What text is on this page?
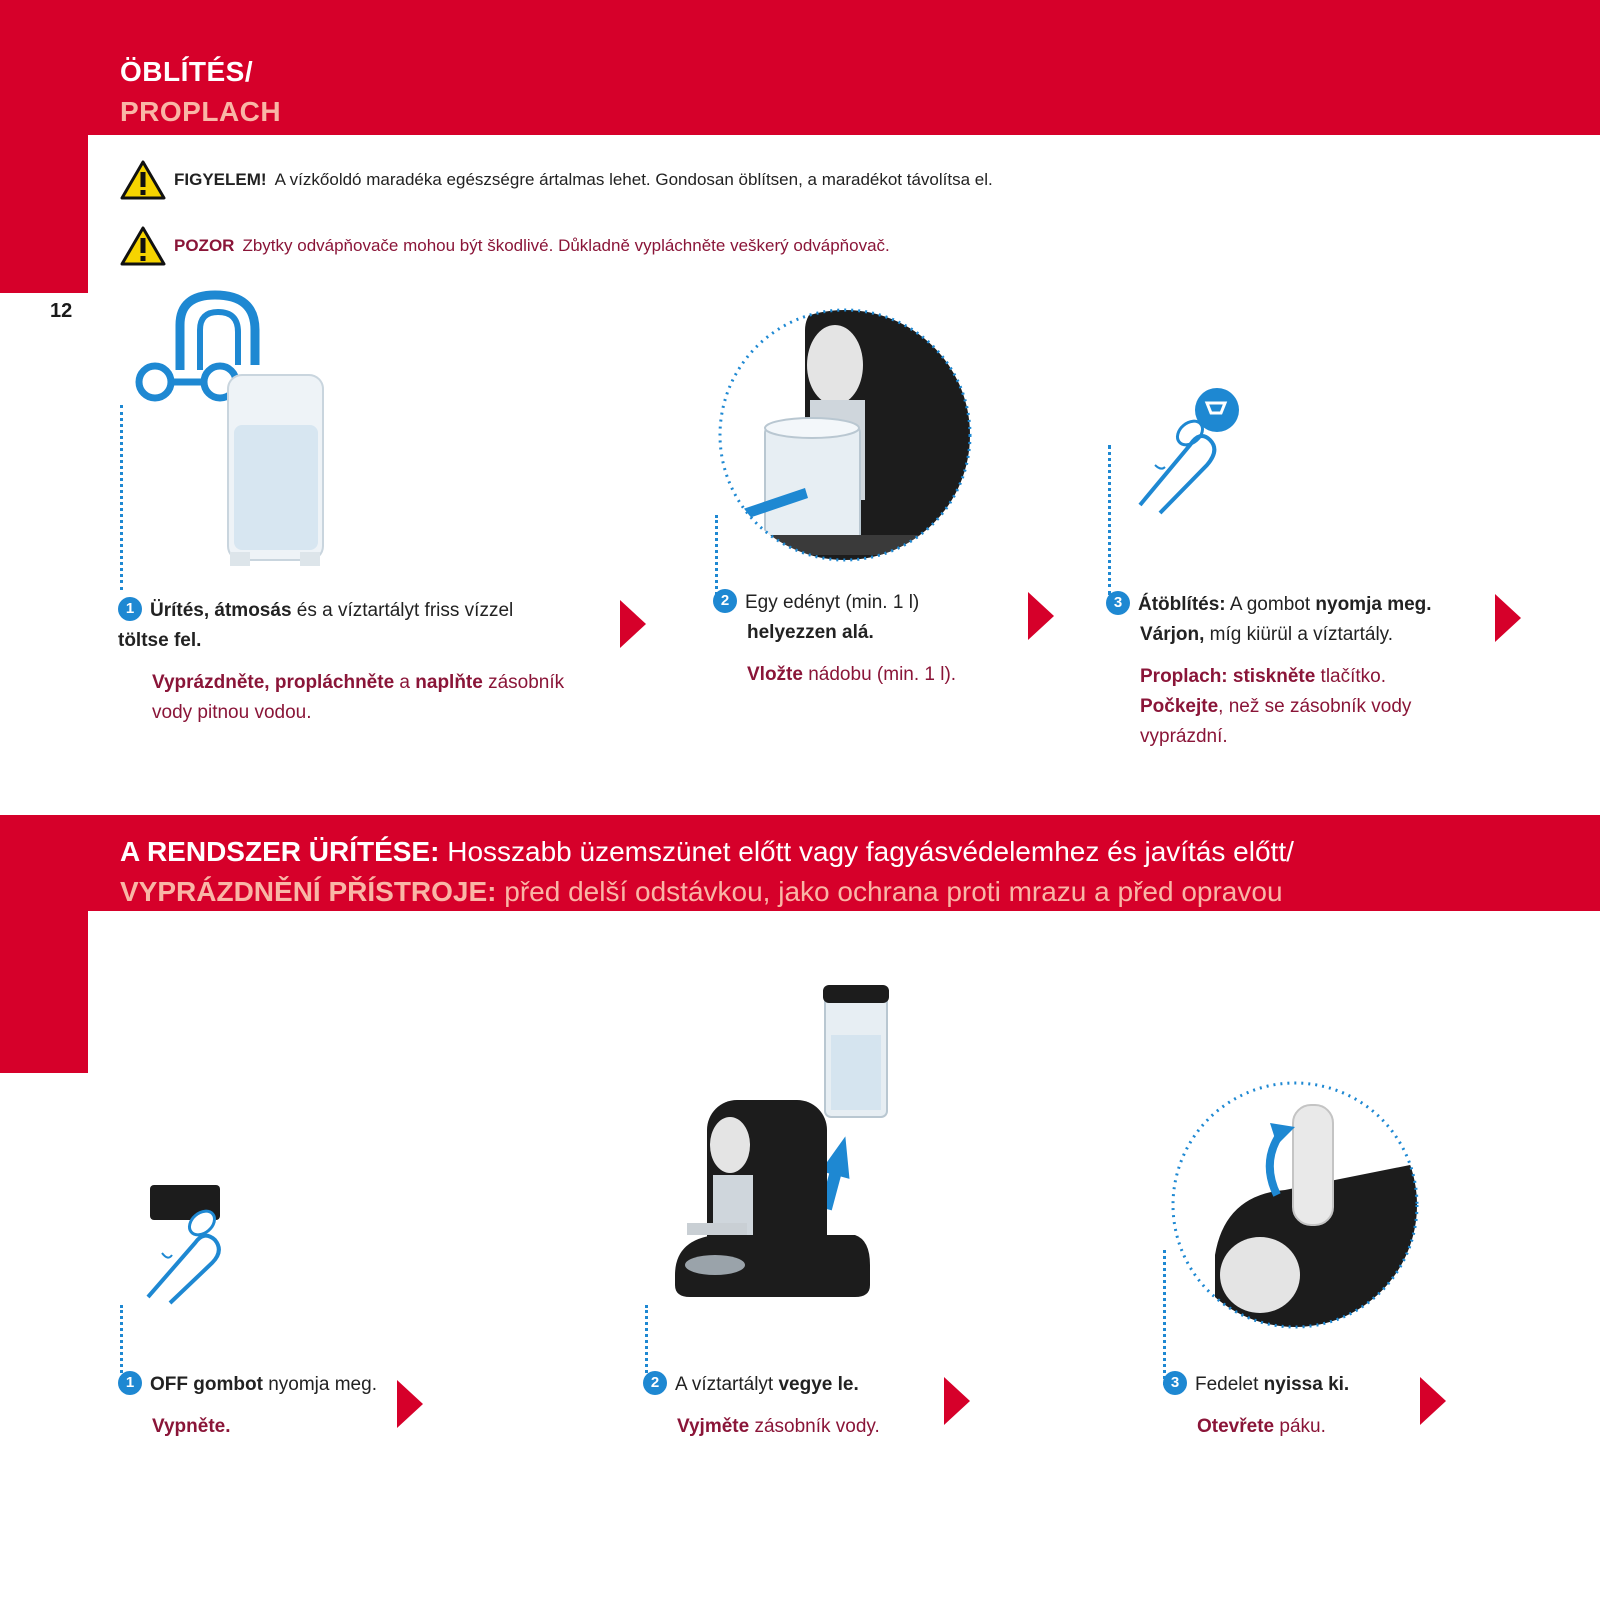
ÖBLÍTÉS/
PROPLACH
12
FIGYELEM! A vízkőoldó maradéka egészségre ártalmas lehet. Gondosan öblítsen, a maradékot távolítsa el.
POZOR Zbytky odvápňovače mohou být škodlivé. Důkladně vypláchněte veškerý odvápňovač.
1 Ürítés, átmosás és a víztartályt friss vízzel töltse fel.
Vyprázdněte, propláchněte a naplňte zásobník vody pitnou vodou.
2 Egy edényt (min. 1 l)
helyezzen alá.
Vložte nádobu (min. 1 l).
3 Átöblítés: A gombot nyomja meg.
Várjon, míg kiürül a víztartály.
Proplach: stiskněte tlačítko. Počkejte, než se zásobník vody vyprázdní.
A RENDSZER ÜRÍTÉSE: Hosszabb üzemszünet előtt vagy fagyásvédelemhez és javítás előtt/
VYPRÁZDNĚNÍ PŘÍSTROJE: před delší odstávkou, jako ochrana proti mrazu a před opravou
1 OFF gombot nyomja meg.
Vypněte.
2 A víztartályt vegye le.
Vyjměte zásobník vody.
3 Fedelet nyissa ki.
Otevřete páku.
